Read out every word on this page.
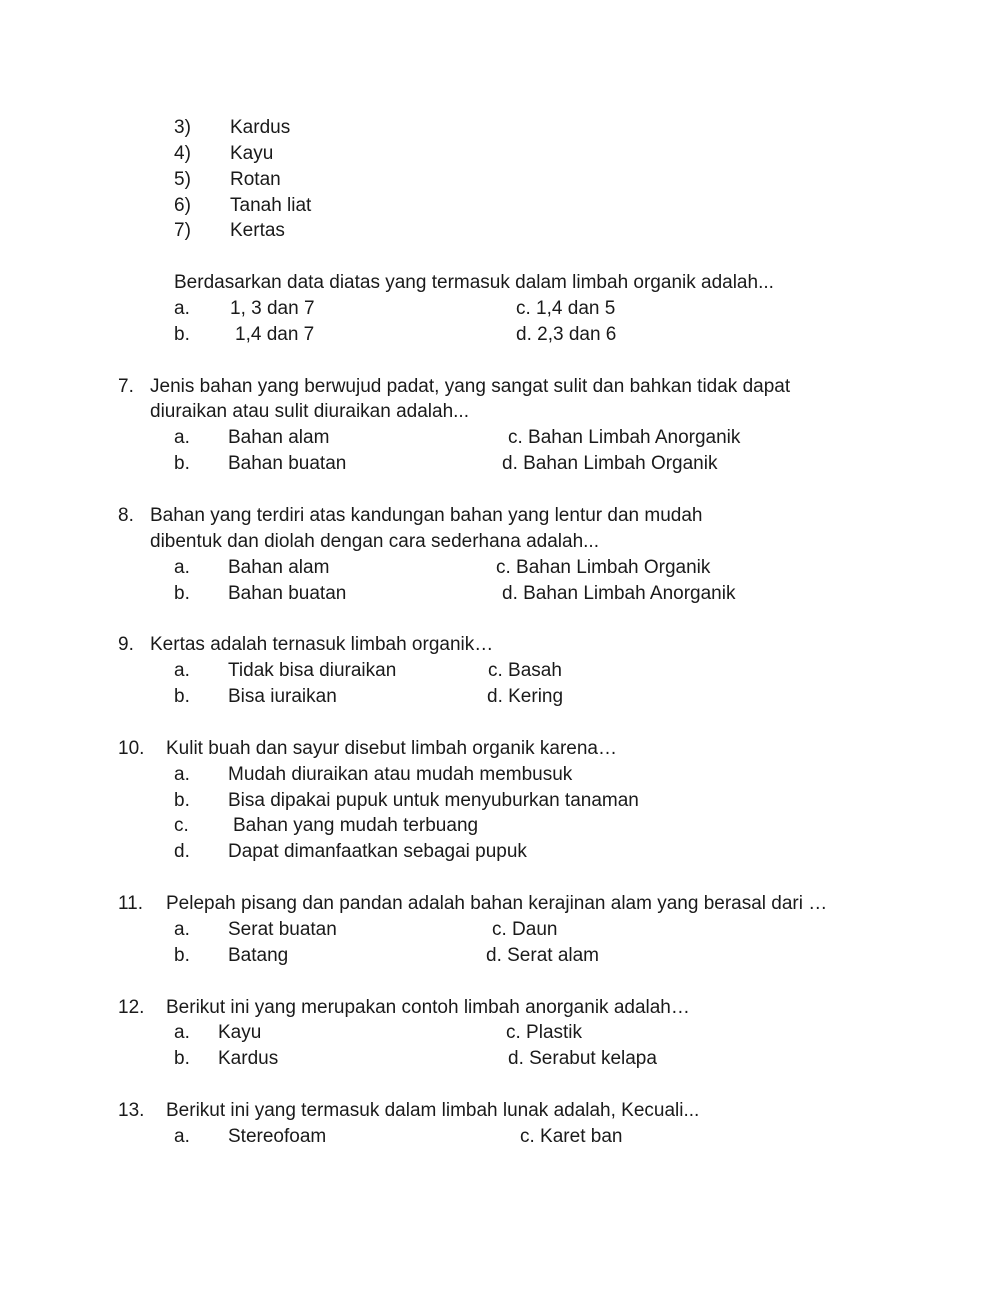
3) Kardus
4) Kayu
5) Rotan
6) Tanah liat
7) Kertas
Berdasarkan data diatas yang termasuk dalam limbah organik adalah...
a. 1, 3 dan 7	c. 1,4 dan 5
b. 1,4 dan 7	d. 2,3 dan 6
7. Jenis bahan yang berwujud padat, yang sangat sulit dan bahkan tidak dapat
diuraikan atau sulit diuraikan adalah...
a. Bahan alam	c. Bahan Limbah Anorganik
b. Bahan buatan	d. Bahan Limbah Organik
8. Bahan yang terdiri atas kandungan bahan yang lentur dan mudah
dibentuk dan diolah dengan cara sederhana adalah...
a. Bahan alam	c. Bahan Limbah Organik
b. Bahan buatan	d. Bahan Limbah Anorganik
9. Kertas adalah ternasuk limbah organik…
a. Tidak bisa diuraikan	c. Basah
b. Bisa iuraikan	d. Kering
10. Kulit buah dan sayur disebut limbah organik karena…
a. Mudah diuraikan atau mudah membusuk
b. Bisa dipakai pupuk untuk menyuburkan tanaman
c. Bahan yang mudah terbuang
d. Dapat dimanfaatkan sebagai pupuk
11. Pelepah pisang dan pandan adalah bahan kerajinan alam yang berasal dari …
a. Serat buatan	c. Daun
b. Batang	d. Serat alam
12. Berikut ini yang merupakan contoh limbah anorganik adalah…
a. Kayu	c. Plastik
b. Kardus	d. Serabut kelapa
13. Berikut ini yang termasuk dalam limbah lunak adalah, Kecuali...
a. Stereofoam	c. Karet ban
